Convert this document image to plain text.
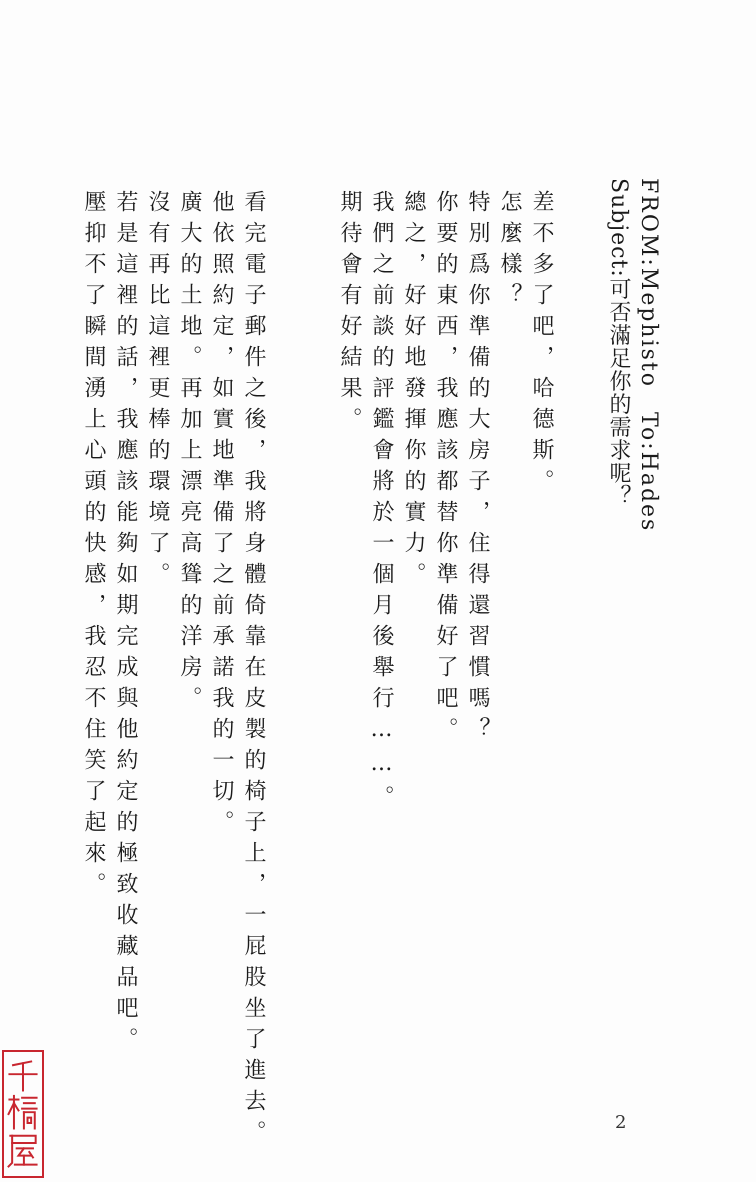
FROM:Mephisto　To:Hades
Subject:可否滿足你的需求呢？

差不多了吧，哈德斯。

怎麼樣？

特別爲你準備的大房子，住得還習慣嗎？

你要的東西，我應該都替你準備好了吧。

總之，好好地發揮你的實力。

我們之前談的評鑑會將於一個月後舉行……。

期待會有好結果。

看完電子郵件之後，我將身體倚靠在皮製的椅子上，一屁股坐了進去。

他依照約定，如實地準備了之前承諾我的一切。

廣大的土地。再加上漂亮高聳的洋房。

沒有再比這裡更棒的環境了。

若是這裡的話，我應該能夠如期完成與他約定的極致收藏品吧。

壓抑不了瞬間湧上心頭的快感，我忍不住笑了起來。

2
